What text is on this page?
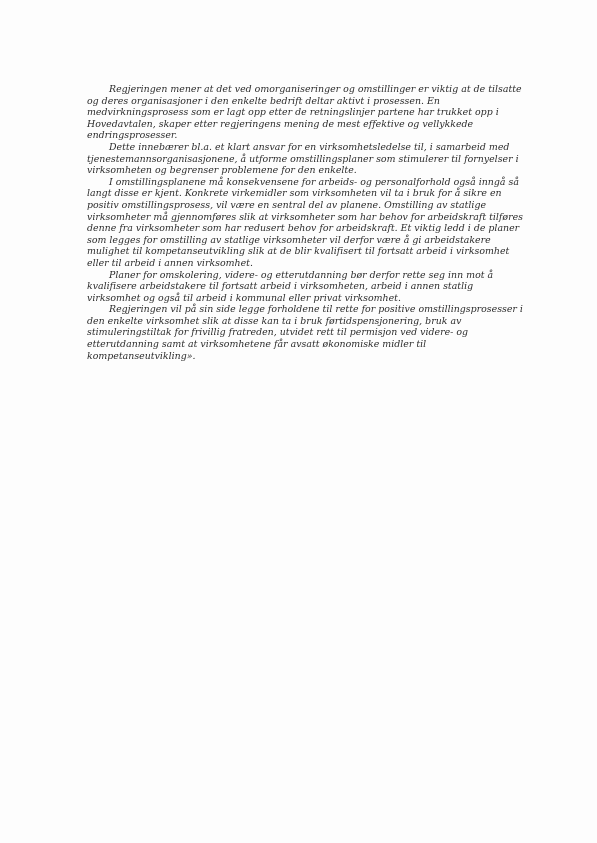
Regjeringen mener at det ved omorganiseringer og omstillinger er viktig at de tilsatte og deres organisasjoner i den enkelte bedrift deltar aktivt i prosessen. En medvirkningsprosess som er lagt opp etter de retningslinjer partene har trukket opp i Hovedavtalen, skaper etter regjeringens mening de mest effektive og vellykkede endringsprosesser.

Dette innebærer bl.a. et klart ansvar for en virksomhetsledelse til, i samarbeid med tjenestemannsorganisasjonene, å utforme omstillingsplaner som stimulerer til fornyelser i virksomheten og begrenser problemene for den enkelte.

I omstillingsplanene må konsekvensene for arbeids- og personalforhold også inngå så langt disse er kjent. Konkrete virkemidler som virksomheten vil ta i bruk for å sikre en positiv omstillingsprosess, vil være en sentral del av planene. Omstilling av statlige virksomheter må gjennomføres slik at virksomheter som har behov for arbeidskraft tilføres denne fra virksomheter som har redusert behov for arbeidskraft. Et viktig ledd i de planer som legges for omstilling av statlige virksomheter vil derfor være å gi arbeidstakere mulighet til kompetanseutvikling slik at de blir kvalifisert til fortsatt arbeid i virksomhet eller til arbeid i annen virksomhet.

Planer for omskolering, videre- og etterutdanning bør derfor rette seg inn mot å kvalifisere arbeidstakere til fortsatt arbeid i virksomheten, arbeid i annen statlig virksomhet og også til arbeid i kommunal eller privat virksomhet.

Regjeringen vil på sin side legge forholdene til rette for positive omstillingsprosesser i den enkelte virksomhet slik at disse kan ta i bruk førtidspensjonering, bruk av stimuleringstiltak for frivillig fratreden, utvidet rett til permisjon ved videre- og etterutdanning samt at virksomhetene får avsatt økonomiske midler til kompetanseutvikling».
